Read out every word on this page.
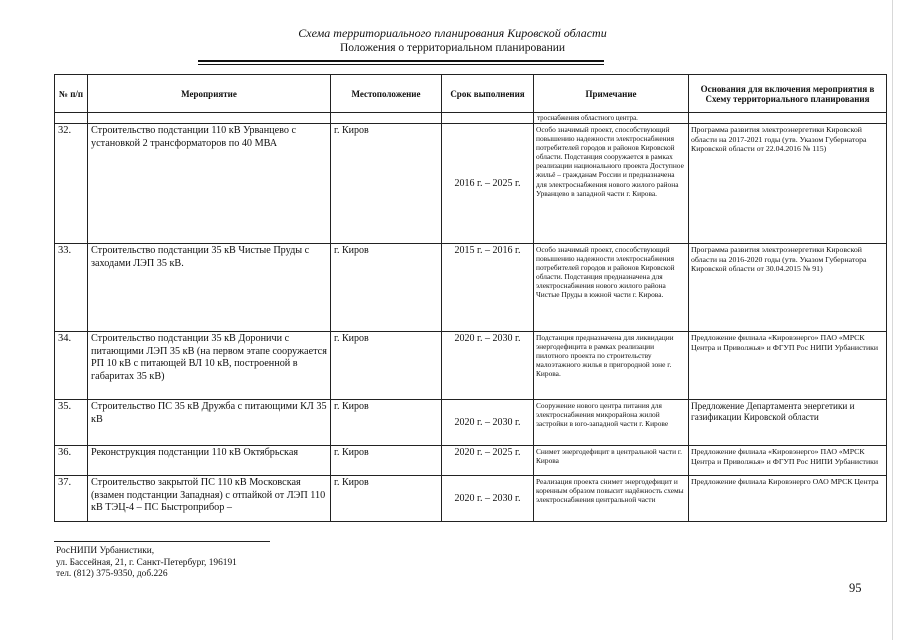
Схема территориального планирования Кировской области
Положения о территориальном планировании
№ п/п	Мероприятие	Местоположение	Срок выполнения	Примечание	Основания для включения мероприятия в Схему территориального планирования
				троснабжения областного центра.	
32.	Строительство подстанции 110 кВ Урванцево с установкой 2 трансформаторов по 40 МВА	г. Киров	2016 г. – 2025 г.	Особо значимый проект, способствующий повышению надежности электроснабжения потребителей городов и районов Кировской области. Подстанция сооружается в рамках реализации национального проекта Доступное жильё – гражданам России и предназначена для электроснабжения нового жилого района Урванцево в западной части г. Кирова.	Программа развития электроэнергетики Кировской области на 2017-2021 годы (утв. Указом Губернатора Кировской области от 22.04.2016 № 115)
33.	Строительство подстанции 35 кВ Чистые Пруды с заходами ЛЭП 35 кВ.	г. Киров	2015 г. – 2016 г.	Особо значимый проект, способствующий повышению надежности электроснабжения потребителей городов и районов Кировской области. Подстанция предназначена для электроснабжения нового жилого района Чистые Пруды в южной части г. Кирова.	Программа развития электроэнергетики Кировской области на 2016-2020 годы (утв. Указом Губернатора Кировской области от 30.04.2015 № 91)
34.	Строительство подстанции 35 кВ Дороничи с питающими ЛЭП 35 кВ (на первом этапе сооружается РП 10 кВ с питающей ВЛ 10 кВ, построенной в габаритах 35 кВ)	г. Киров	2020 г. – 2030 г.	Подстанция предназначена для ликвидации энергодефицита в рамках реализации пилотного проекта по строительству малоэтажного жилья в пригородной зоне г. Кирова.	Предложение филиала «Кировэнерго» ПАО «МРСК Центра и Приволжья» и ФГУП Рос НИПИ Урбанистики
35.	Строительство ПС 35 кВ Дружба с питающими КЛ 35 кВ	г. Киров	2020 г. – 2030 г.	Сооружение нового центра питания для электроснабжения микрорайона жилой застройки в юго-западной части г. Кирове	Предложение Департамента энергетики и газификации Кировской области
36.	Реконструкция подстанции 110 кВ Октябрьская	г. Киров	2020 г. – 2025 г.	Снимет энергодефицит в центральной части г. Кирова	Предложение филиала «Кировэнерго» ПАО «МРСК Центра и Приволжья» и ФГУП Рос НИПИ Урбанистики
37.	Строительство закрытой ПС 110 кВ Московская (взамен подстанции Западная) с отпайкой от ЛЭП 110 кВ ТЭЦ-4 – ПС Быстроприбор –	г. Киров	2020 г. – 2030 г.	Реализация проекта снимет энергодефицит и коренным образом повысит надёжность схемы электроснабжения центральной части	Предложение филиала Кировэнерго ОАО МРСК Центра
РосНИПИ Урбанистики,
ул. Бассейная, 21, г. Санкт-Петербург, 196191
тел. (812) 375-9350, доб.226
95
